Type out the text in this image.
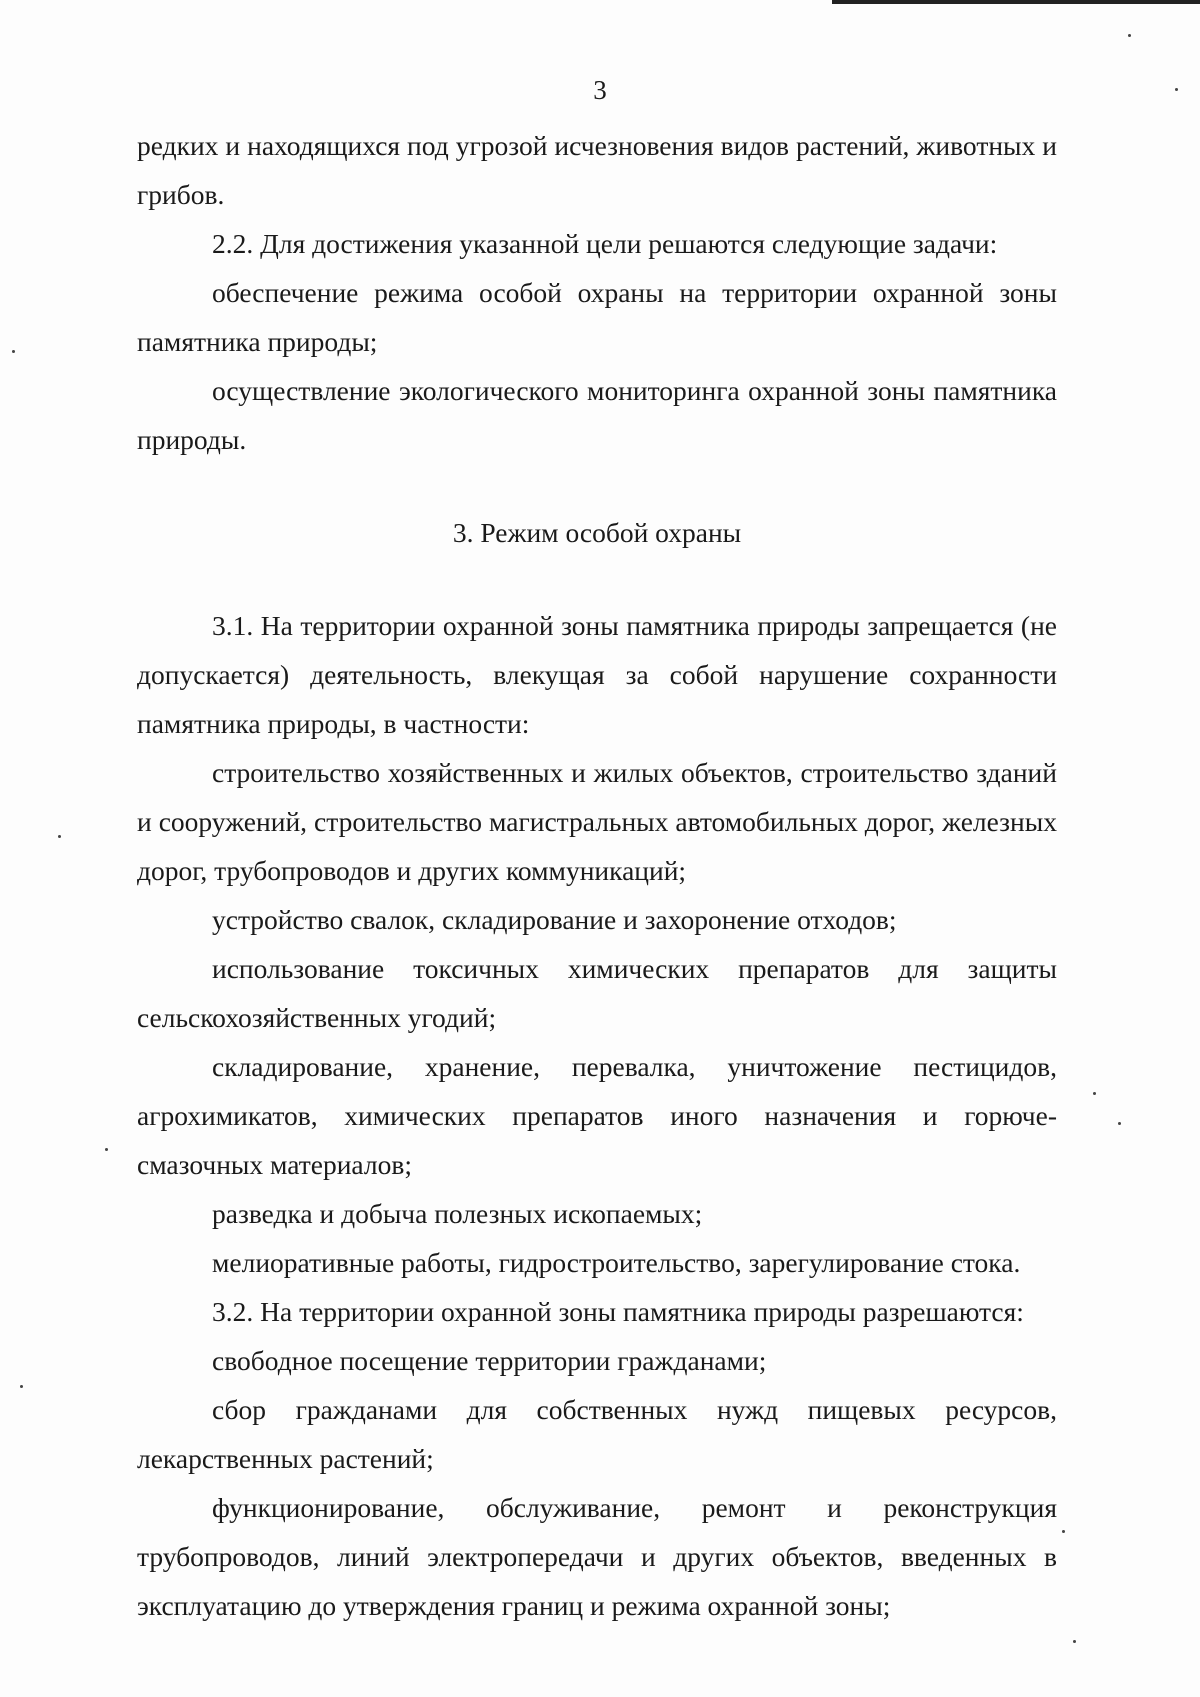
3

редких и находящихся под угрозой исчезновения видов растений, животных и грибов.

2.2. Для достижения указанной цели решаются следующие задачи:

обеспечение режима особой охраны на территории охранной зоны памятника природы;

осуществление экологического мониторинга охранной зоны памятника природы.

3. Режим особой охраны

3.1. На территории охранной зоны памятника природы запрещается (не допускается) деятельность, влекущая за собой нарушение сохранности памятника природы, в частности:

строительство хозяйственных и жилых объектов, строительство зданий и сооружений, строительство магистральных автомобильных дорог, железных дорог, трубопроводов и других коммуникаций;

устройство свалок, складирование и захоронение отходов;

использование токсичных химических препаратов для защиты сельскохозяйственных угодий;

складирование, хранение, перевалка, уничтожение пестицидов, агрохимикатов, химических препаратов иного назначения и горюче-смазочных материалов;

разведка и добыча полезных ископаемых;

мелиоративные работы, гидростроительство, зарегулирование стока.

3.2. На территории охранной зоны памятника природы разрешаются:

свободное посещение территории гражданами;

сбор гражданами для собственных нужд пищевых ресурсов, лекарственных растений;

функционирование, обслуживание, ремонт и реконструкция трубопроводов, линий электропередачи и других объектов, введенных в эксплуатацию до утверждения границ и режима охранной зоны;
